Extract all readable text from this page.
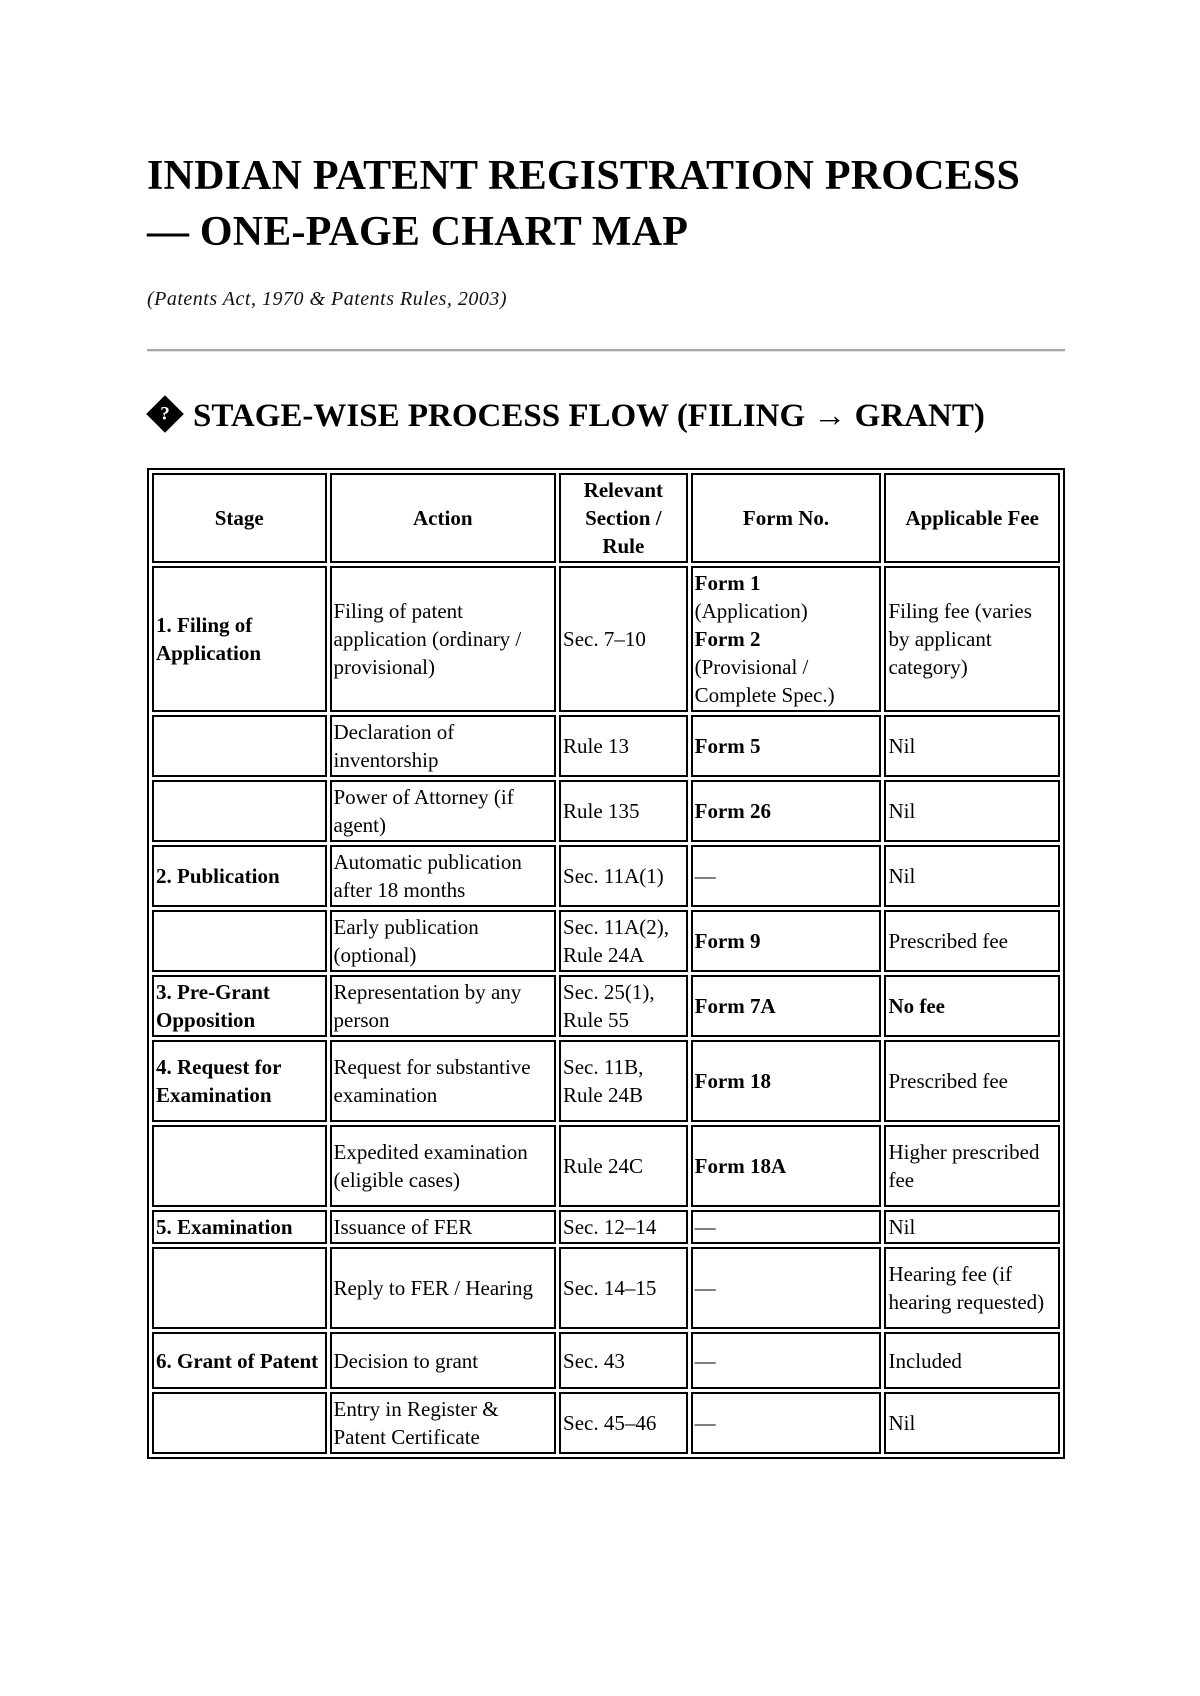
INDIAN PATENT REGISTRATION PROCESS — ONE-PAGE CHART MAP
(Patents Act, 1970 & Patents Rules, 2003)
?STAGE-WISE PROCESS FLOW (FILING → GRANT)
Stage	Action	Relevant Section / Rule	Form No.	Applicable Fee
1. Filing of Application	Filing of patent application (ordinary / provisional)	Sec. 7–10	Form 1
(Application)
Form 2
(Provisional / Complete Spec.)	Filing fee (varies by applicant category)
	Declaration of inventorship	Rule 13	Form 5	Nil
	Power of Attorney (if agent)	Rule 135	Form 26	Nil
2. Publication	Automatic publication after 18 months	Sec. 11A(1)	—	Nil
	Early publication (optional)	Sec. 11A(2), Rule 24A	Form 9	Prescribed fee
3. Pre-Grant Opposition	Representation by any person	Sec. 25(1), Rule 55	Form 7A	No fee
4. Request for Examination	Request for substantive examination	Sec. 11B, Rule 24B	Form 18	Prescribed fee
	Expedited examination (eligible cases)	Rule 24C	Form 18A	Higher prescribed fee
5. Examination	Issuance of FER	Sec. 12–14	—	Nil
	Reply to FER / Hearing	Sec. 14–15	—	Hearing fee (if hearing requested)
6. Grant of Patent	Decision to grant	Sec. 43	—	Included
	Entry in Register & Patent Certificate	Sec. 45–46	—	Nil
